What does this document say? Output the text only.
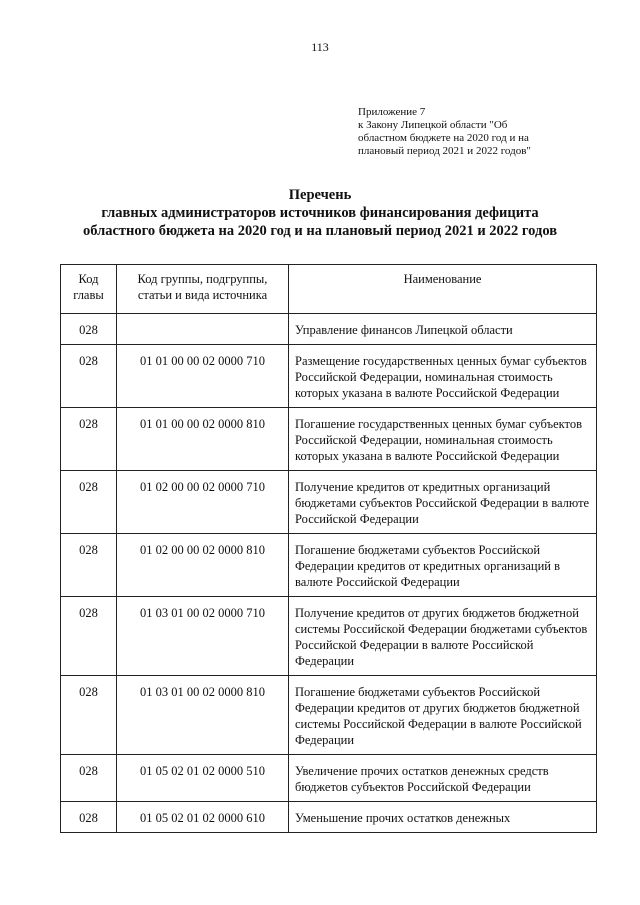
113
Приложение 7
к Закону Липецкой области "Об
областном бюджете на 2020 год и на
плановый период 2021 и 2022 годов"
Перечень
главных администраторов источников финансирования дефицита
областного бюджета на 2020 год и на плановый период 2021 и 2022 годов
Код главы	Код группы, подгруппы, статьи и вида источника	Наименование
028		Управление финансов Липецкой области
028	01 01 00 00 02 0000 710	Размещение государственных ценных бумаг субъектов Российской Федерации, номинальная стоимость которых указана в валюте Российской Федерации
028	01 01 00 00 02 0000 810	Погашение государственных ценных бумаг субъектов Российской Федерации, номинальная стоимость которых указана в валюте Российской Федерации
028	01 02 00 00 02 0000 710	Получение кредитов от кредитных организаций бюджетами субъектов Российской Федерации в валюте Российской Федерации
028	01 02 00 00 02 0000 810	Погашение бюджетами субъектов Российской Федерации кредитов от кредитных организаций в валюте Российской Федерации
028	01 03 01 00 02 0000 710	Получение кредитов от других бюджетов бюджетной системы Российской Федерации бюджетами субъектов Российской Федерации в валюте Российской Федерации
028	01 03 01 00 02 0000 810	Погашение бюджетами субъектов Российской Федерации кредитов от других бюджетов бюджетной системы Российской Федерации в валюте Российской Федерации
028	01 05 02 01 02 0000 510	Увеличение прочих остатков денежных средств бюджетов субъектов Российской Федерации
028	01 05 02 01 02 0000 610	Уменьшение прочих остатков денежных
